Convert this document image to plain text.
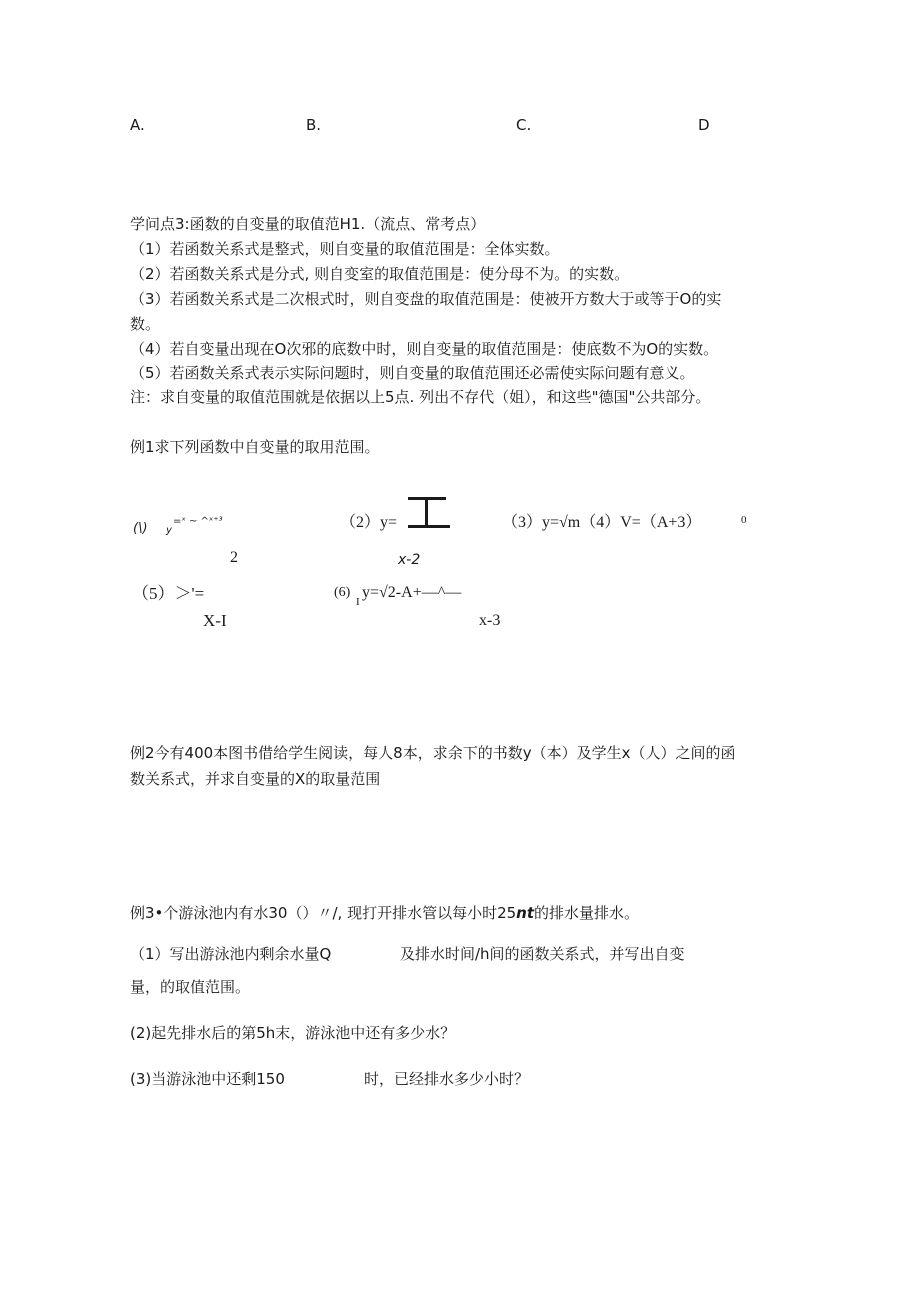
A.	B.	C.	D
学问点3:函数的自变量的取值范H1.（流点、常考点）
（1）若函数关系式是整式，则自变量的取值范围是：全体实数。
（2）若函数关系式是分式, 则自变室的取值范围是：使分母不为。的实数。
（3）若函数关系式是二次根式时，则自变盘的取值范围是：使被开方数大于或等于O的实
数。
（4）若自变量出现在O次邪的底数中时，则自变量的取值范围是：使底数不为O的实数。
（5）若函数关系式表示实际问题时，则自变量的取值范围还必需使实际问题有意义。
注：求自变量的取值范围就是依据以上5点. 列出不存代（姐），和这些"德国"公共部分。
例1求下列函数中自变量的取用范围。
(\) y
=ˣ ~ ^ˣ⁺³
2
（2）y=
x-2
（3）y=√m（4）V=（A+3）	0
（5）＞'=
X-I
(6)
I
y=√2-A+—^—
x-3
例2今有400本图书借给学生阅读，每人8本，求余下的书数y（本）及学生x（人）之间的函
数关系式，并求自变量的X的取量范围
例3•个游泳池内有水30（）〃/, 现打开排水管以每小时25nt的排水量排水。
（1）写出游泳池内剩余水量Q	及排水时间/h间的函数关系式，并写出自变
量，的取值范围。
(2)起先排水后的第5h末，游泳池中还有多少水？
(3)当游泳池中还剩150	时，已经排水多少小时？
